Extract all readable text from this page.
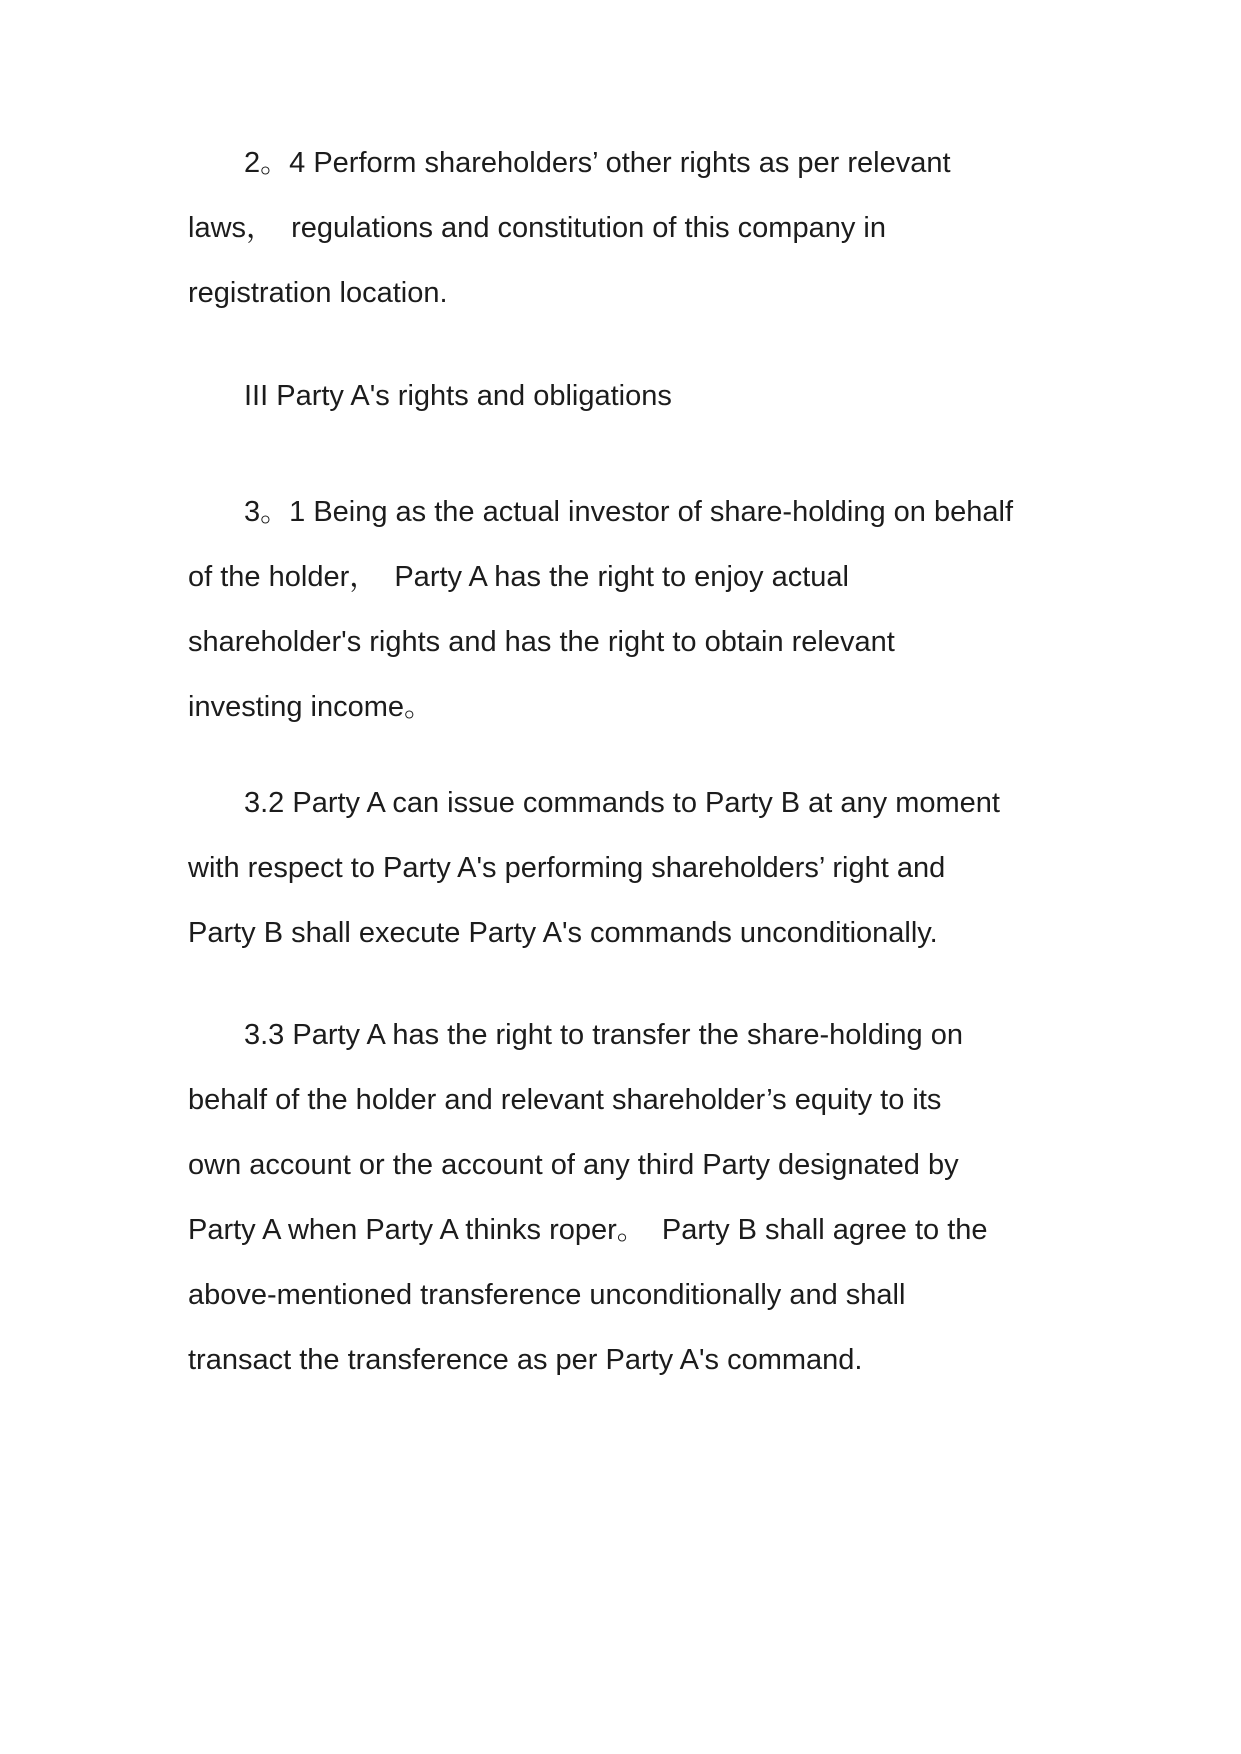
2。4 Perform shareholders’ other rights as per relevant
laws，  regulations and constitution of this company in
registration location.
III Party A's rights and obligations
3。1 Being as the actual investor of share-holding on behalf
of the holder，  Party A has the right to enjoy actual
shareholder's rights and has the right to obtain relevant
investing income。
3.2 Party A can issue commands to Party B at any moment
with respect to Party A's performing shareholders’ right and
Party B shall execute Party A's commands unconditionally.
3.3 Party A has the right to transfer the share-holding on
behalf of the holder and relevant shareholder’s equity to its
own account or the account of any third Party designated by
Party A when Party A thinks roper。  Party B shall agree to the
above-mentioned transference unconditionally and shall
transact the transference as per Party A's command.
